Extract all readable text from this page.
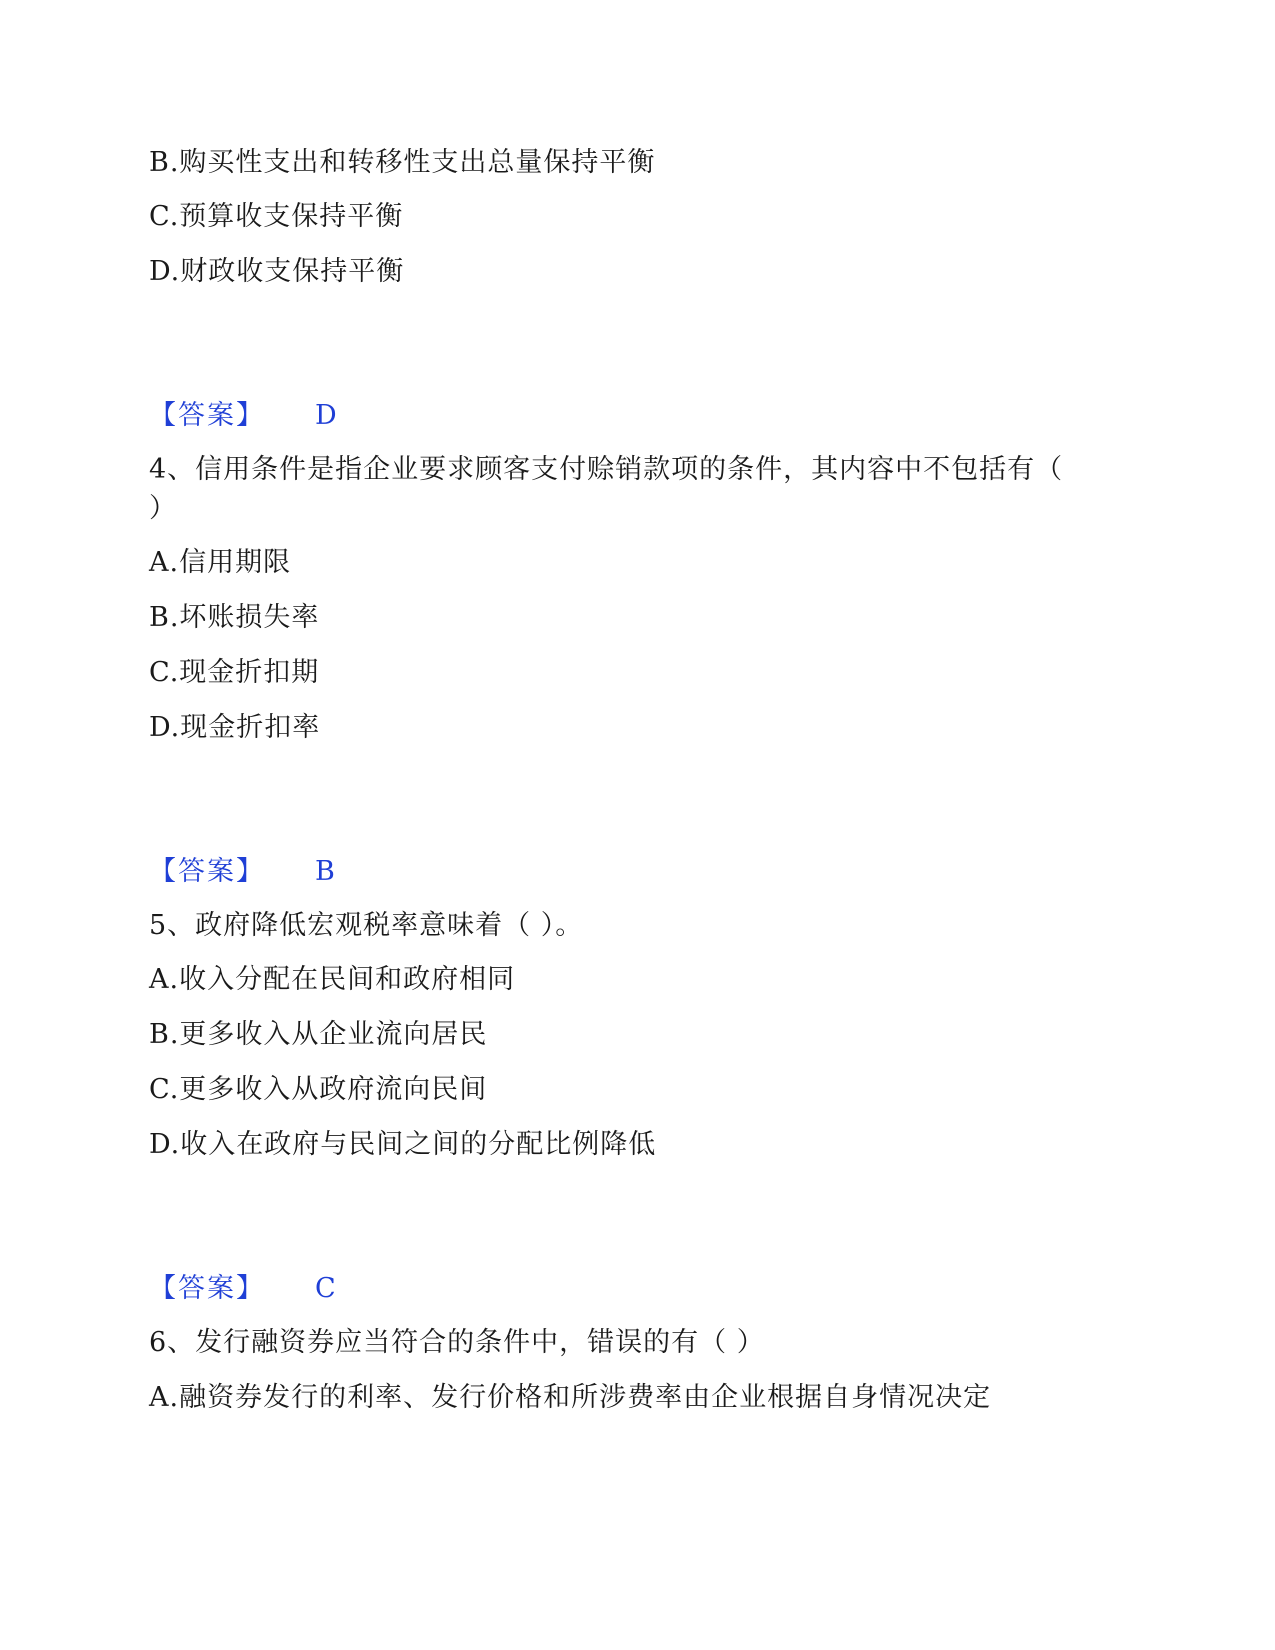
B.购买性支出和转移性支出总量保持平衡
C.预算收支保持平衡
D.财政收支保持平衡
【答案】 D
4、信用条件是指企业要求顾客支付赊销款项的条件，其内容中不包括有（
）
A.信用期限
B.坏账损失率
C.现金折扣期
D.现金折扣率
【答案】 B
5、政府降低宏观税率意味着（ ）。
A.收入分配在民间和政府相同
B.更多收入从企业流向居民
C.更多收入从政府流向民间
D.收入在政府与民间之间的分配比例降低
【答案】 C
6、发行融资券应当符合的条件中，错误的有（ ）
A.融资券发行的利率、发行价格和所涉费率由企业根据自身情况决定
